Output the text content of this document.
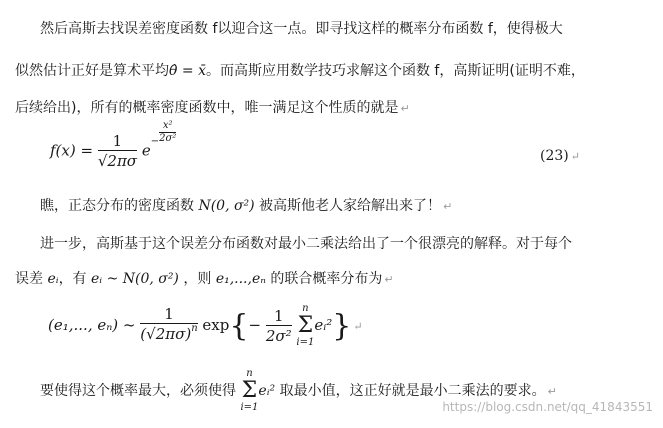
然后高斯去找误差密度函数 f以迎合这一点。即寻找这样的概率分布函数 f，使得极大
似然估计正好是算术平均θ̂ = x̄。而高斯应用数学技巧求解这个函数 f，高斯证明(证明不难，
后续给出)，所有的概率密度函数中，唯一满足这个性质的就是 ↵
$f(x) = \frac{1}{√2\pi\sigma} e^- \frac{\text{x²}}{\text{2σ²}}$
(23) ↵
瞧，正态分布的密度函数 N(0, σ²) 被高斯他老人家给解出来了！ ↵
进一步，高斯基于这个误差分布函数对最小二乘法给出了一个很漂亮的解释。对于每个
误差 eᵢ，有 eᵢ ~ N(0, σ²) ，则 e₁,...,eₙ 的联合概率分布为 ↵
(e₁,..., eₙ) ~ $\frac{1}{(√2\pi\sigma)^n} \exp\{- \frac{1}{\text{2σ²}}$
	n
Σ
i=1
eᵢ²} ↵
要使得这个概率最大，必须使得
n
Σ
i=1
eᵢ² 取最小值，这正好就是最小二乘法的要求。 ↵
https://blog.csdn.net/qq_41843551
